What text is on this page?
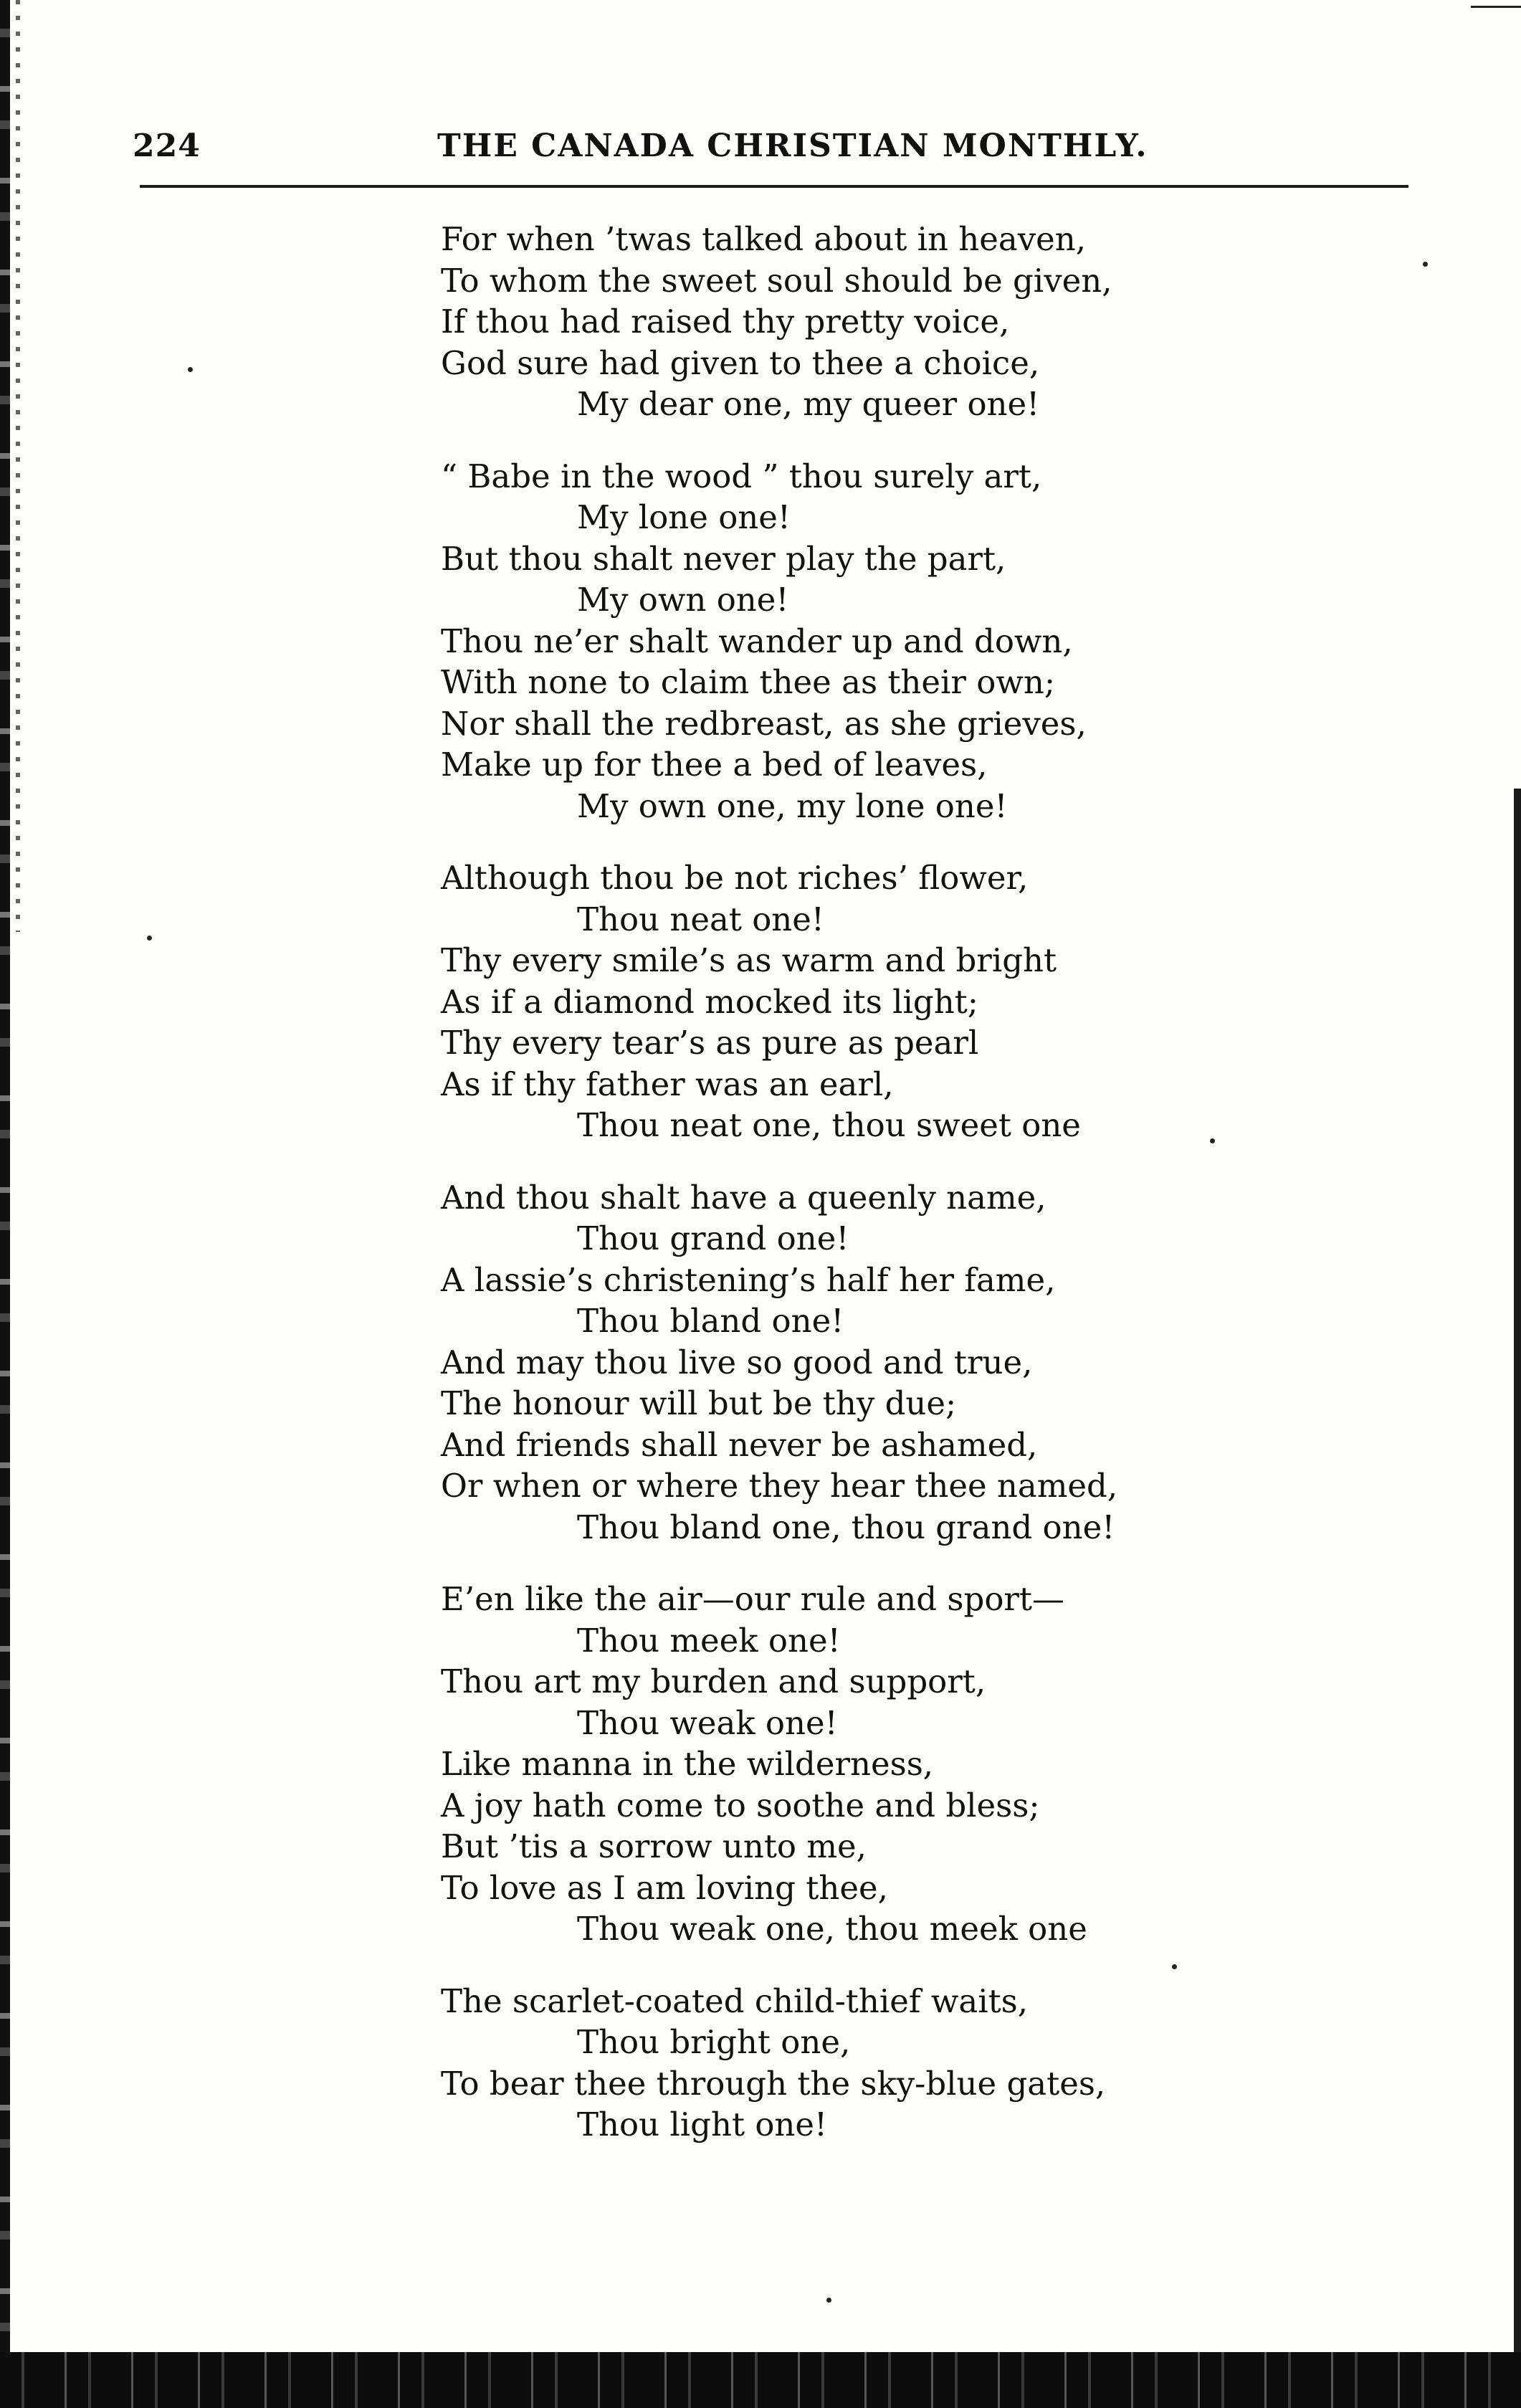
224	THE CANADA CHRISTIAN MONTHLY.
For when ’twas talked about in heaven,
To whom the sweet soul should be given,
If thou had raised thy pretty voice,
God sure had given to thee a choice,
My dear one, my queer one!
“ Babe in the wood ” thou surely art,
My lone one!
But thou shalt never play the part,
My own one!
Thou ne’er shalt wander up and down,
With none to claim thee as their own;
Nor shall the redbreast, as she grieves,
Make up for thee a bed of leaves,
My own one, my lone one!
Although thou be not riches’ flower,
Thou neat one!
Thy every smile’s as warm and bright
As if a diamond mocked its light;
Thy every tear’s as pure as pearl
As if thy father was an earl,
Thou neat one, thou sweet one
And thou shalt have a queenly name,
Thou grand one!
A lassie’s christening’s half her fame,
Thou bland one!
And may thou live so good and true,
The honour will but be thy due;
And friends shall never be ashamed,
Or when or where they hear thee named,
Thou bland one, thou grand one!
E’en like the air—our rule and sport—
Thou meek one!
Thou art my burden and support,
Thou weak one!
Like manna in the wilderness,
A joy hath come to soothe and bless;
But ’tis a sorrow unto me,
To love as I am loving thee,
Thou weak one, thou meek one
The scarlet-coated child-thief waits,
Thou bright one,
To bear thee through the sky-blue gates,
Thou light one!
